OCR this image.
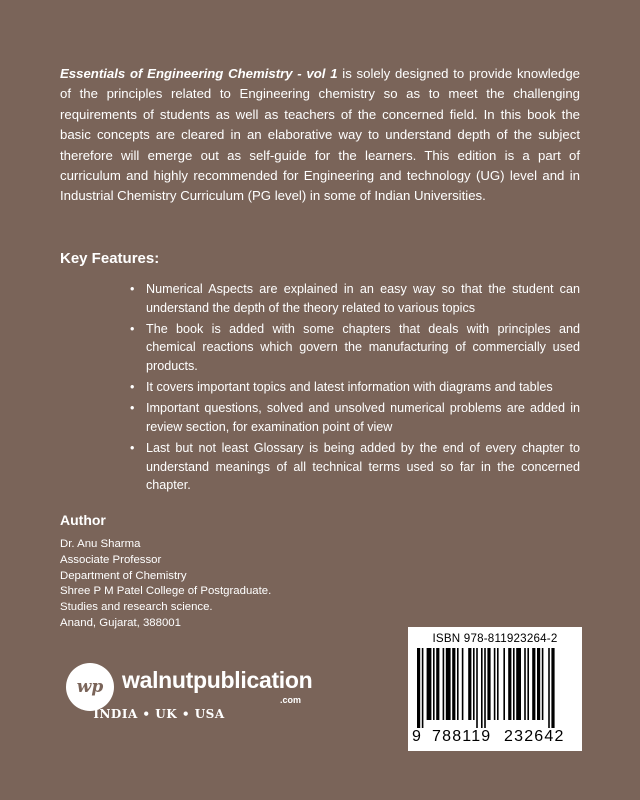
Essentials of Engineering Chemistry - vol 1 is solely designed to provide knowledge of the principles related to Engineering chemistry so as to meet the challenging requirements of students as well as teachers of the concerned field. In this book the basic concepts are cleared in an elaborative way to understand depth of the subject therefore will emerge out as self-guide for the learners. This edition is a part of curriculum and highly recommended for Engineering and technology (UG) level and in Industrial Chemistry Curriculum (PG level) in some of Indian Universities.
Key Features:
• Numerical Aspects are explained in an easy way so that the student can understand the depth of the theory related to various topics
• The book is added with some chapters that deals with principles and chemical reactions which govern the manufacturing of commercially used products.
• It covers important topics and latest information with diagrams and tables
• Important questions, solved and unsolved numerical problems are added in review section, for examination point of view
• Last but not least Glossary is being added by the end of every chapter to understand meanings of all technical terms used so far in the concerned chapter.
Author
Dr. Anu Sharma
Associate Professor
Department of Chemistry
Shree P M Patel College of Postgraduate.
Studies and research science.
Anand, Gujarat, 388001
wp walnutpublication
.com
INDIA • UK • USA
ISBN 978-811923264-2
9 788119 232642
